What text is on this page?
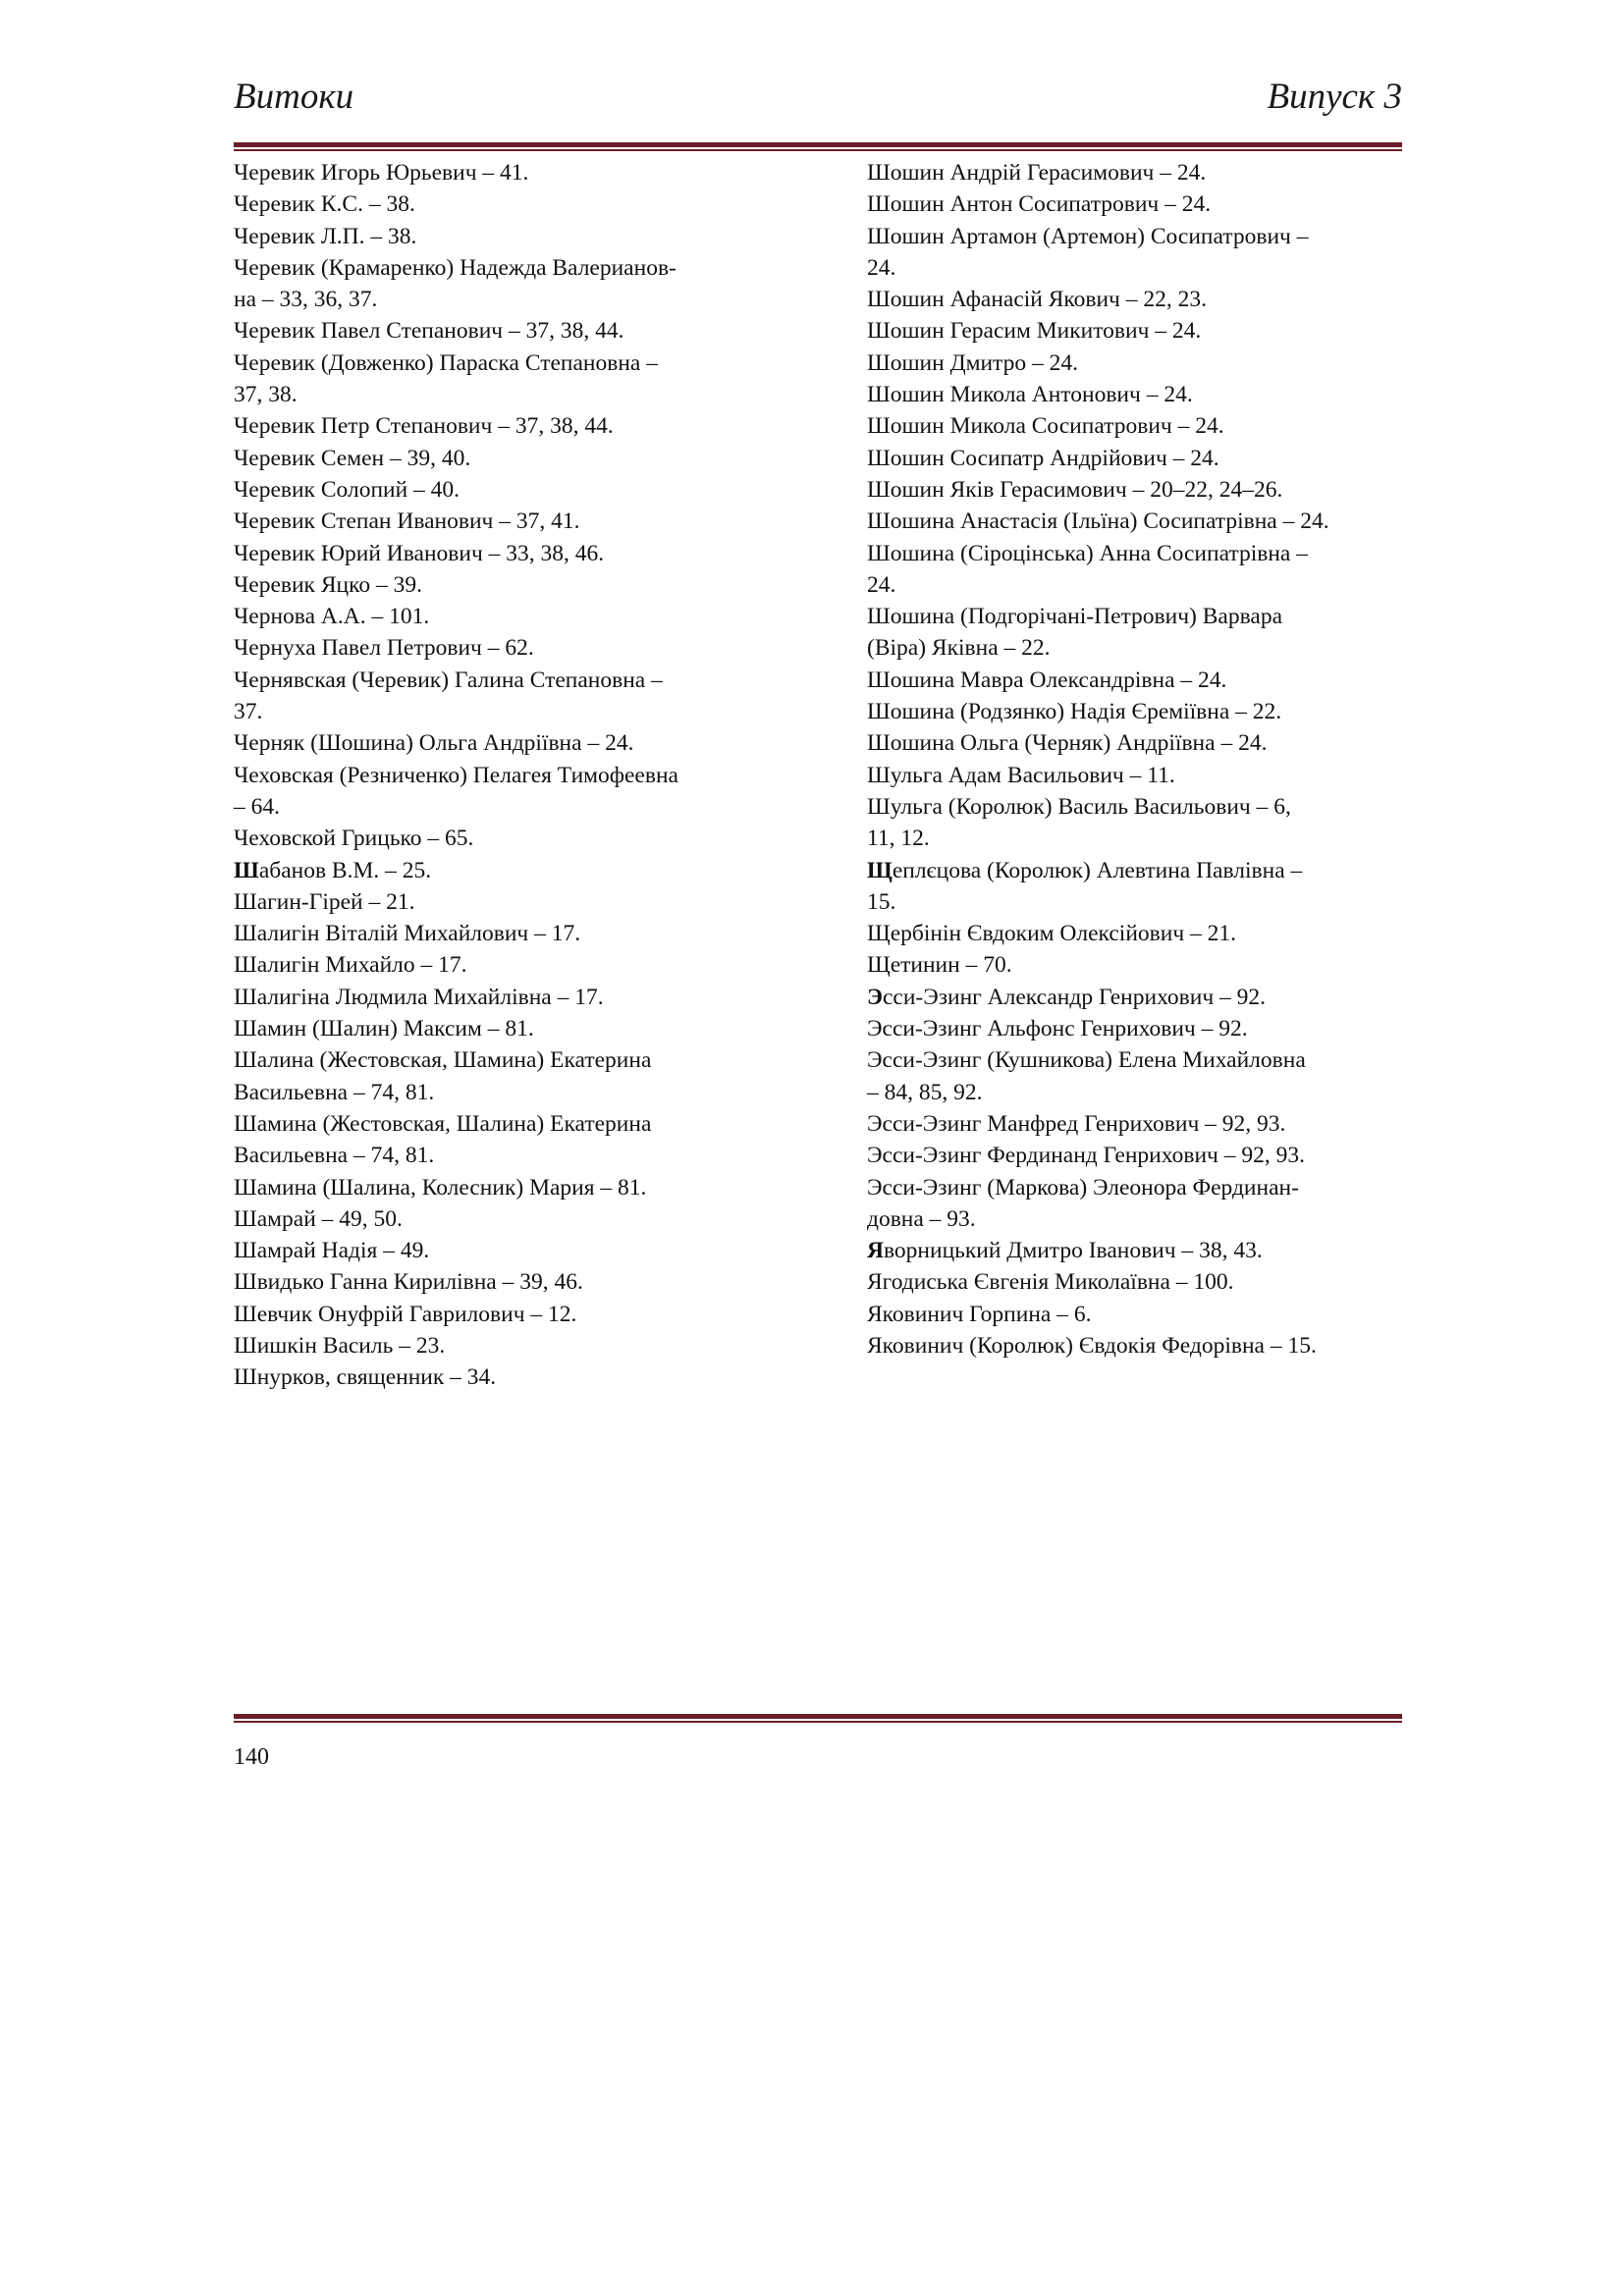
Витоки	Випуск 3
Черевик Игорь Юрьевич – 41.
Черевик К.С. – 38.
Черевик Л.П. – 38.
Черевик (Крамаренко) Надежда Валерианов-
на – 33, 36, 37.
Черевик Павел Степанович – 37, 38, 44.
Черевик (Довженко) Параска Степановна –
37, 38.
Черевик Петр Степанович – 37, 38, 44.
Черевик Семен – 39, 40.
Черевик Солопий – 40.
Черевик Степан Иванович – 37, 41.
Черевик Юрий Иванович – 33, 38, 46.
Черевик Яцко – 39.
Чернова А.А. – 101.
Чернуха Павел Петрович – 62.
Чернявская (Черевик) Галина Степановна –
37.
Черняк (Шошина) Ольга Андріївна – 24.
Чеховская (Резниченко) Пелагея Тимофеевна
– 64.
Чеховской Грицько – 65.
Шабанов В.М. – 25.
Шагин-Гірей – 21.
Шалигін Віталій Михайлович – 17.
Шалигін Михайло – 17.
Шалигіна Людмила Михайлівна – 17.
Шамин (Шалин) Максим – 81.
Шалина (Жестовская, Шамина) Екатерина
Васильевна – 74, 81.
Шамина (Жестовская, Шалина) Екатерина
Васильевна – 74, 81.
Шамина (Шалина, Колесник) Мария – 81.
Шамрай – 49, 50.
Шамрай Надія – 49.
Швидько Ганна Кирилівна – 39, 46.
Шевчик Онуфрій Гаврилович – 12.
Шишкін Василь – 23.
Шнурков, священник – 34.
Шошин Андрій Герасимович – 24.
Шошин Антон Сосипатрович – 24.
Шошин Артамон (Артемон) Сосипатрович –
24.
Шошин Афанасій Якович – 22, 23.
Шошин Герасим Микитович – 24.
Шошин Дмитро – 24.
Шошин Микола Антонович – 24.
Шошин Микола Сосипатрович – 24.
Шошин Сосипатр Андрійович – 24.
Шошин Яків Герасимович – 20–22, 24–26.
Шошина Анастасія (Ільїна) Сосипатрівна – 24.
Шошина (Сіроцінська) Анна Сосипатрівна –
24.
Шошина (Подгорічані-Петрович) Варвара
(Віра) Яківна – 22.
Шошина Мавра Олександрівна – 24.
Шошина (Родзянко) Надія Єреміївна – 22.
Шошина Ольга (Черняк) Андріївна – 24.
Шульга Адам Васильович – 11.
Шульга (Королюк) Василь Васильович – 6,
11, 12.
Щеплєцова (Королюк) Алевтина Павлівна –
15.
Щербінін Євдоким Олексійович – 21.
Щетинин – 70.
Эсси-Эзинг Александр Генрихович – 92.
Эсси-Эзинг Альфонс Генрихович – 92.
Эсси-Эзинг (Кушникова) Елена Михайловна
– 84, 85, 92.
Эсси-Эзинг Манфред Генрихович – 92, 93.
Эсси-Эзинг Фердинанд Генрихович – 92, 93.
Эсси-Эзинг (Маркова) Элеонора Фердинан-
довна – 93.
Яворницький Дмитро Іванович – 38, 43.
Ягодиська Євгенія Миколаївна – 100.
Яковинич Горпина – 6.
Яковинич (Королюк) Євдокія Федорівна – 15.
140
